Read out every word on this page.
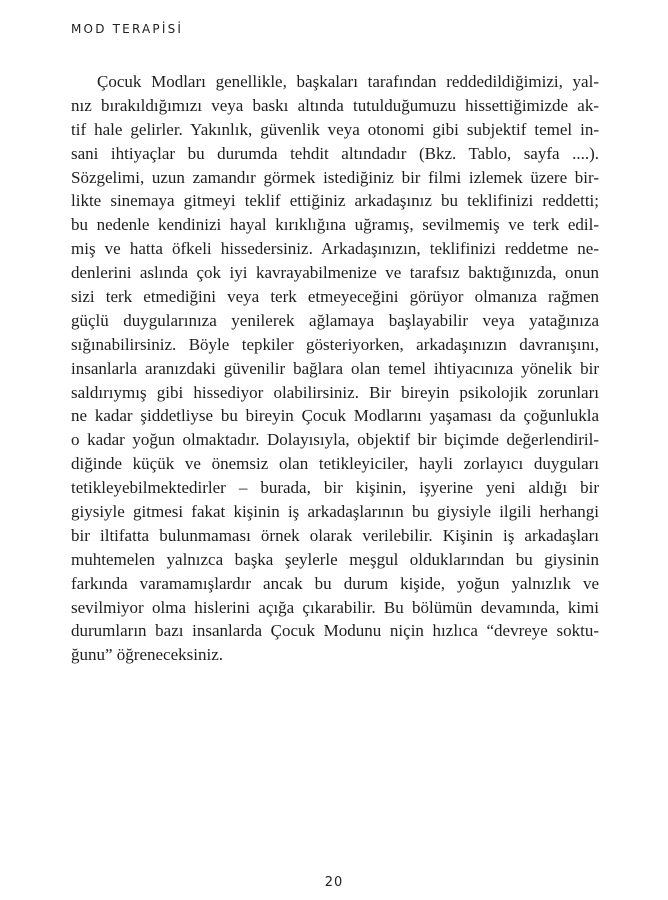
MOD TERAPİSİ
Çocuk Modları genellikle, başkaları tarafından reddedildiğimizi, yal-
nız bırakıldığımızı veya baskı altında tutulduğumuzu hissettiğimizde ak-
tif hale gelirler. Yakınlık, güvenlik veya otonomi gibi subjektif temel in-
sani ihtiyaçlar bu durumda tehdit altındadır (Bkz. Tablo, sayfa ....).
Sözgelimi, uzun zamandır görmek istediğiniz bir filmi izlemek üzere bir-
likte sinemaya gitmeyi teklif ettiğiniz arkadaşınız bu teklifinizi reddetti;
bu nedenle kendinizi hayal kırıklığına uğramış, sevilmemiş ve terk edil-
miş ve hatta öfkeli hissedersiniz. Arkadaşınızın, teklifinizi reddetme ne-
denlerini aslında çok iyi kavrayabilmenize ve tarafsız baktığınızda, onun
sizi terk etmediğini veya terk etmeyeceğini görüyor olmanıza rağmen
güçlü duygularınıza yenilerek ağlamaya başlayabilir veya yatağınıza
sığınabilirsiniz. Böyle tepkiler gösteriyorken, arkadaşınızın davranışını,
insanlarla aranızdaki güvenilir bağlara olan temel ihtiyacınıza yönelik bir
saldırıymış gibi hissediyor olabilirsiniz. Bir bireyin psikolojik zorunları
ne kadar şiddetliyse bu bireyin Çocuk Modlarını yaşaması da çoğunlukla
o kadar yoğun olmaktadır. Dolayısıyla, objektif bir biçimde değerlendiril-
diğinde küçük ve önemsiz olan tetikleyiciler, hayli zorlayıcı duyguları
tetikleyebilmektedirler – burada, bir kişinin, işyerine yeni aldığı bir
giysiyle gitmesi fakat kişinin iş arkadaşlarının bu giysiyle ilgili herhangi
bir iltifatta bulunmaması örnek olarak verilebilir. Kişinin iş arkadaşları
muhtemelen yalnızca başka şeylerle meşgul olduklarından bu giysinin
farkında varamamışlardır ancak bu durum kişide, yoğun yalnızlık ve
sevilmiyor olma hislerini açığa çıkarabilir. Bu bölümün devamında, kimi
durumların bazı insanlarda Çocuk Modunu niçin hızlıca “devreye soktu-
ğunu” öğreneceksiniz.
20
